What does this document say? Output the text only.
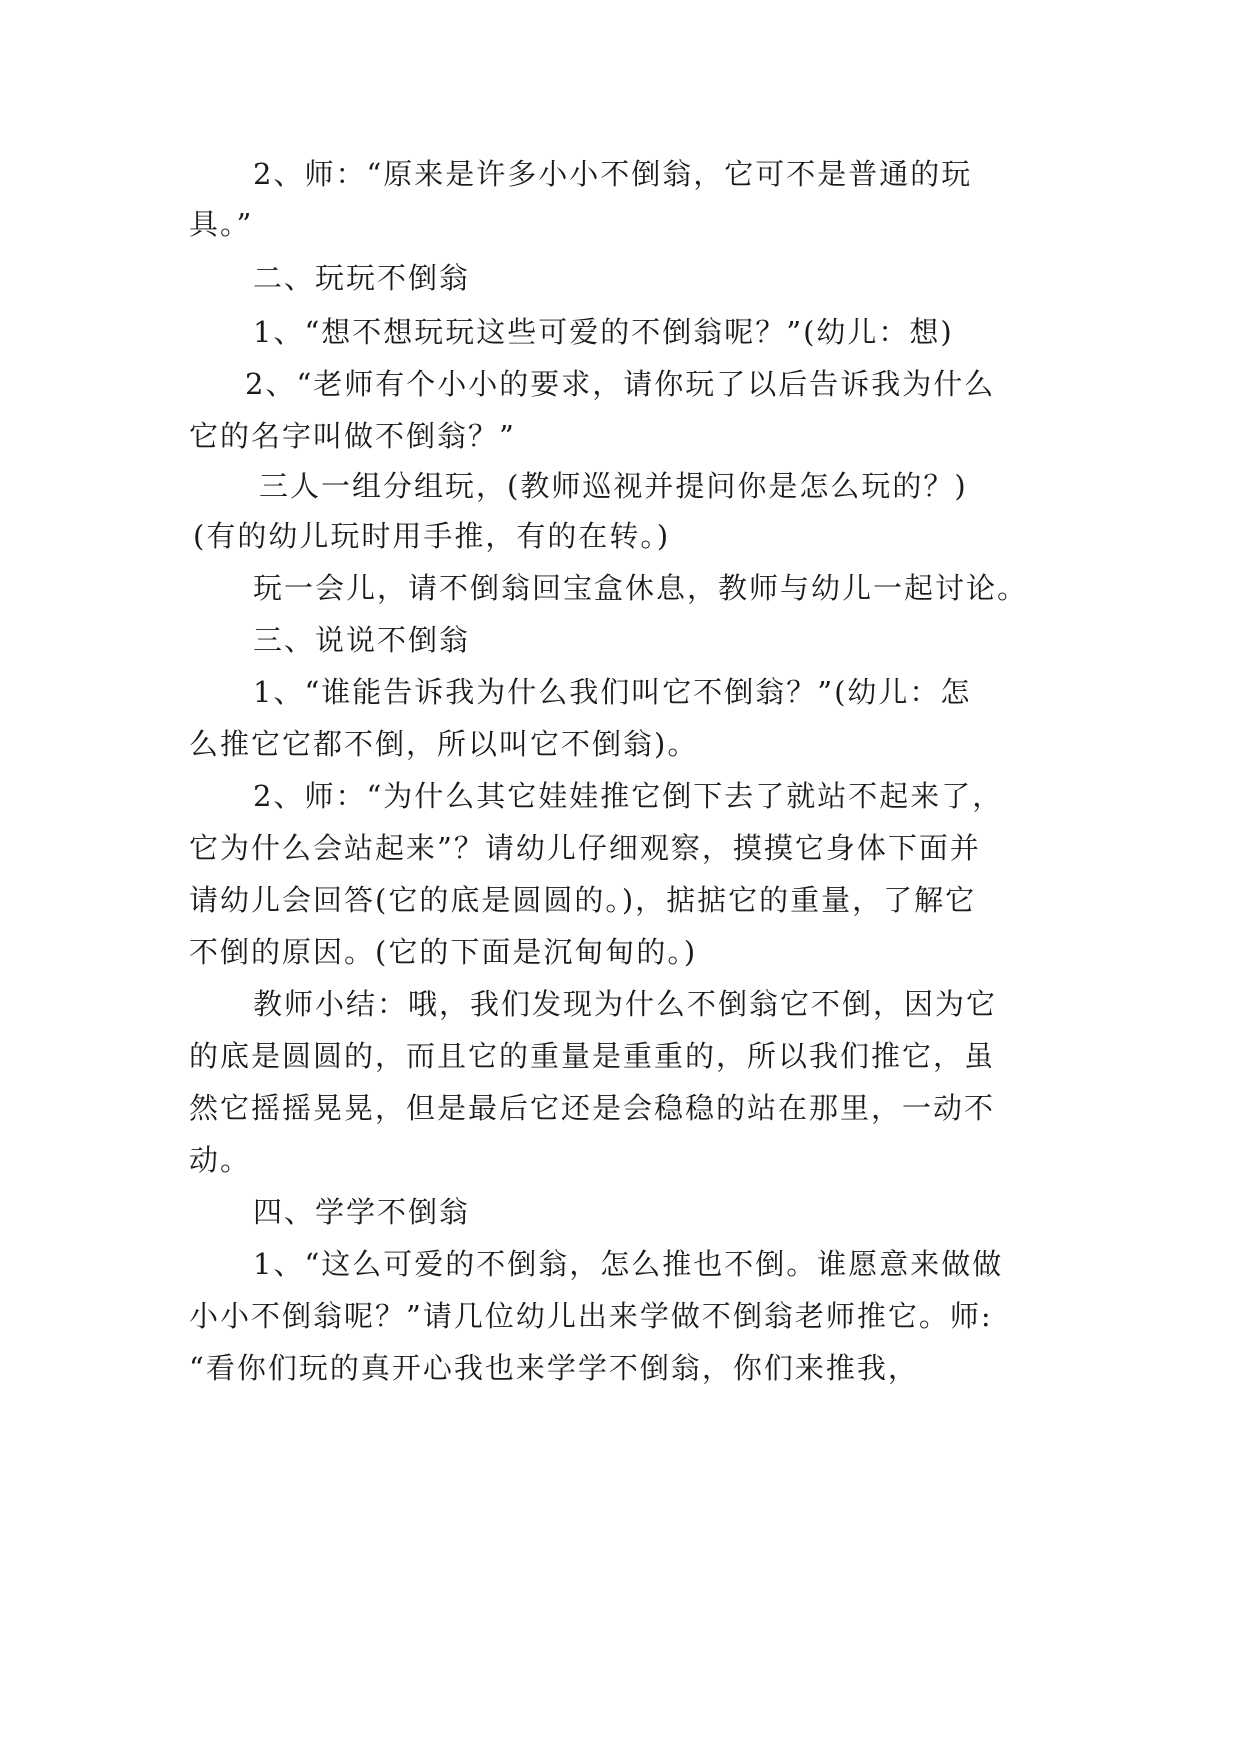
2、师：“原来是许多小小不倒翁，它可不是普通的玩
具。”
二、玩玩不倒翁
1、“想不想玩玩这些可爱的不倒翁呢？”(幼儿：想)
2、“老师有个小小的要求，请你玩了以后告诉我为什么
它的名字叫做不倒翁？”
三人一组分组玩，(教师巡视并提问你是怎么玩的？)
(有的幼儿玩时用手推，有的在转。)
玩一会儿，请不倒翁回宝盒休息，教师与幼儿一起讨论。
三、说说不倒翁
1、“谁能告诉我为什么我们叫它不倒翁？”(幼儿：怎
么推它它都不倒，所以叫它不倒翁)。
2、师：“为什么其它娃娃推它倒下去了就站不起来了，
它为什么会站起来”？请幼儿仔细观察，摸摸它身体下面并
请幼儿会回答(它的底是圆圆的。)，掂掂它的重量，了解它
不倒的原因。(它的下面是沉甸甸的。)
教师小结：哦，我们发现为什么不倒翁它不倒，因为它
的底是圆圆的，而且它的重量是重重的，所以我们推它，虽
然它摇摇晃晃，但是最后它还是会稳稳的站在那里，一动不
动。
四、学学不倒翁
1、“这么可爱的不倒翁，怎么推也不倒。谁愿意来做做
小小不倒翁呢？”请几位幼儿出来学做不倒翁老师推它。师:
“看你们玩的真开心我也来学学不倒翁，你们来推我，
